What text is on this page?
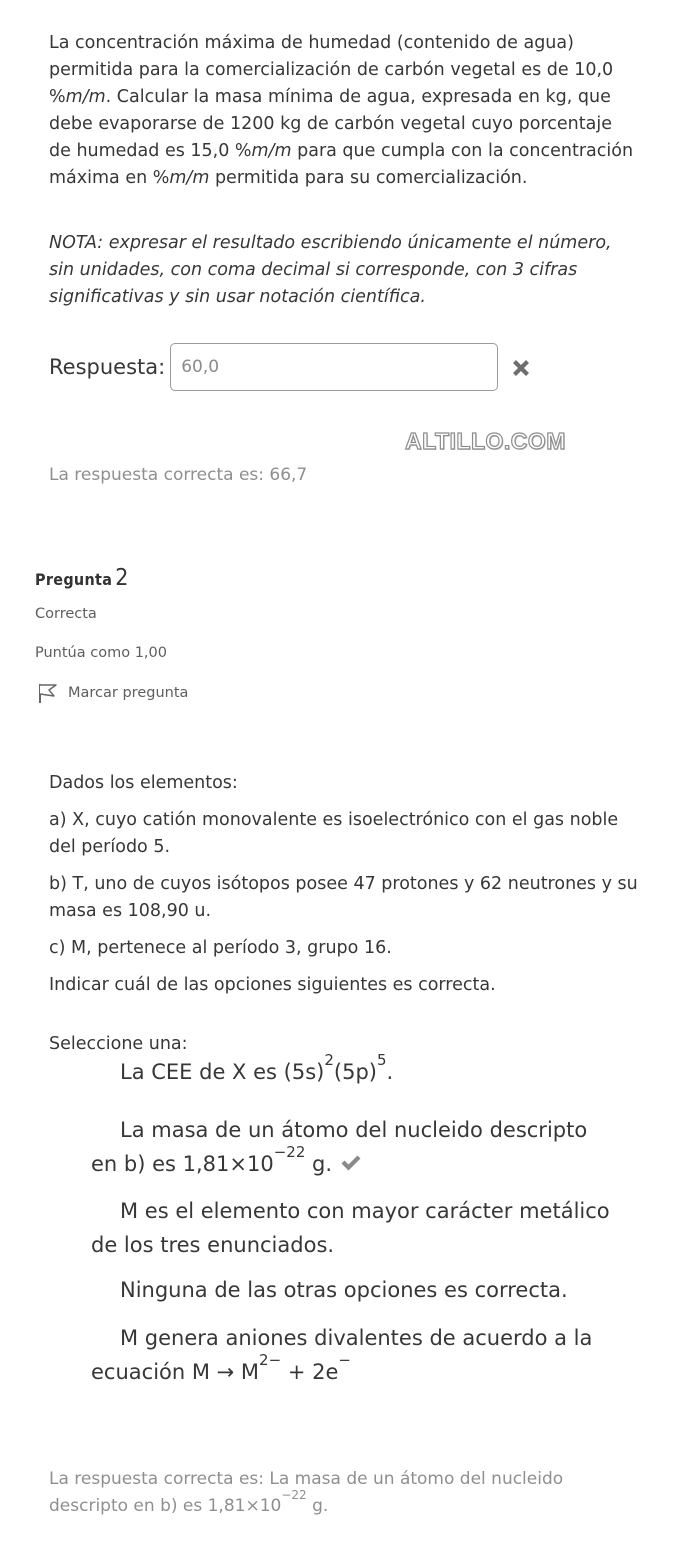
La concentración máxima de humedad (contenido de agua) permitida para la comercialización de carbón vegetal es de 10,0 %m/m. Calcular la masa mínima de agua, expresada en kg, que debe evaporarse de 1200 kg de carbón vegetal cuyo porcentaje de humedad es 15,0 %m/m para que cumpla con la concentración máxima en %m/m permitida para su comercialización.

NOTA: expresar el resultado escribiendo únicamente el número, sin unidades, con coma decimal si corresponde, con 3 cifras significativas y sin usar notación científica.

Respuesta:
60,0
ALTILLO.COM

La respuesta correcta es: 66,7

Pregunta 2
Correcta
Puntúa como 1,00
Marcar pregunta

Dados los elementos:

a) X, cuyo catión monovalente es isoelectrónico con el gas noble del período 5.

b) T, uno de cuyos isótopos posee 47 protones y 62 neutrones y su masa es 108,90 u.

c) M, pertenece al período 3, grupo 16.

Indicar cuál de las opciones siguientes es correcta.

Seleccione una:
La CEE de X es $(5s)^2(5p)^5$.
La masa de un átomo del nucleido descripto en b) es $1,81\times 10^{-22}$ g.
M es el elemento con mayor carácter metálico de los tres enunciados.
Ninguna de las otras opciones es correcta.
M genera aniones divalentes de acuerdo a la ecuación $M \to M^{2-} + 2e^-$

La respuesta correcta es: La masa de un átomo del nucleido descripto en b) es $1,81\times 10^{-22}$ g.
